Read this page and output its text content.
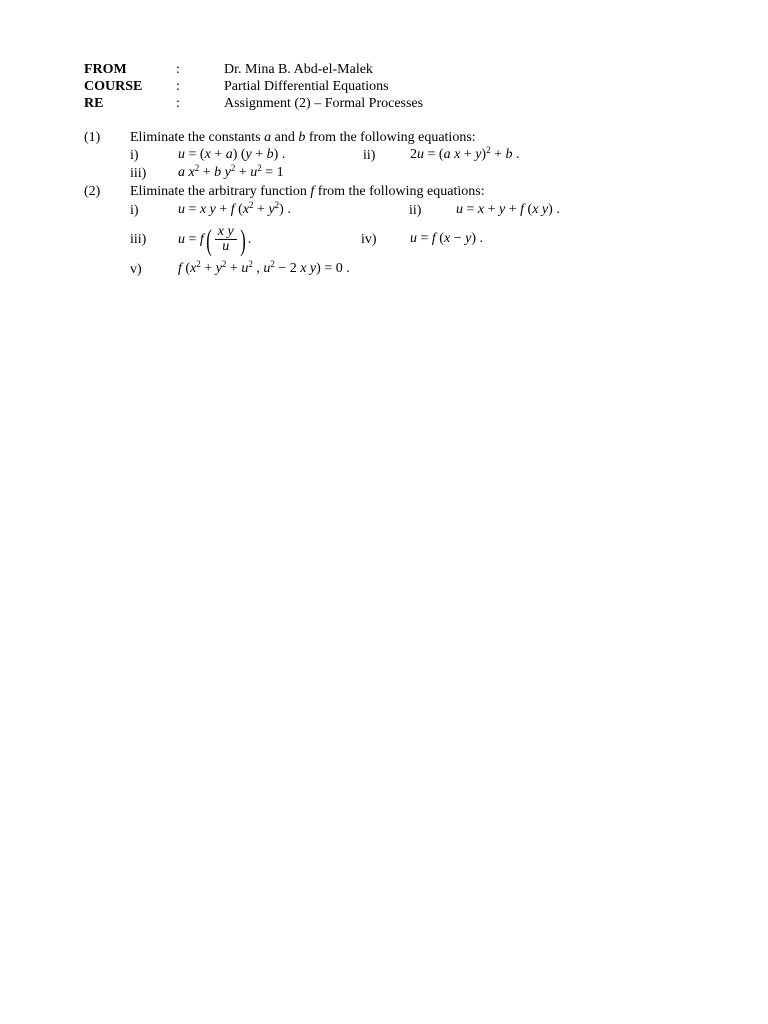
FROM	:	Dr. Mina B. Abd-el-Malek
COURSE :	Partial Differential Equations
RE	:	Assignment (2) – Formal Processes
(1) Eliminate the constants a and b from the following equations:
i)	u = (x + a) (y + b) .	ii) 2u = (a x + y)$^2$ + b .
iii) a $x^2 + b$ $y^2 + u^2 = 1$
(2) Eliminate the arbitrary function f from the following equations:
i)	u = x y + f $(x^2 + y^2)$ .	ii) u = x + y + f (x y) .
iii) $u = f( \frac{\text{x y}}{u}$ ) .	iv) u = f (x − y) .
v)	f ($x^2 + y^2 + u^2$ , $u^2 - 2$ x y) = 0 .
